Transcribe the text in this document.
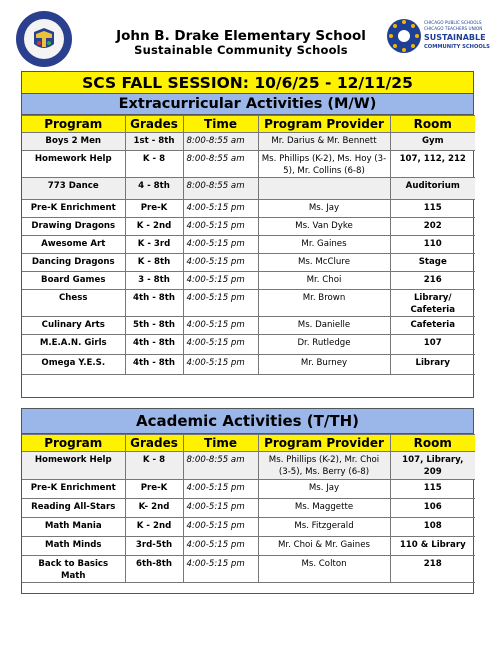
John B. Drake Elementary School
Sustainable Community Schools
CHICAGO PUBLIC SCHOOLS
CHICAGO TEACHERS UNION
SUSTAINABLE
COMMUNITY SCHOOLS
SCS FALL SESSION: 10/6/25 - 12/11/25
Extracurricular Activities (M/W)
Program	Grades	Time	Program Provider	Room
Boys 2 Men	1st - 8th	8:00-8:55 am	Mr. Darius & Mr. Bennett	Gym
Homework Help	K - 8	8:00-8:55 am	Ms. Phillips (K-2), Ms. Hoy (3-5), Mr. Collins (6-8)	107, 112, 212
773 Dance	4 - 8th	8:00-8:55 am		Auditorium
Pre-K Enrichment	Pre-K	4:00-5:15 pm	Ms. Jay	115
Drawing Dragons	K - 2nd	4:00-5:15 pm	Ms. Van Dyke	202
Awesome Art	K - 3rd	4:00-5:15 pm	Mr. Gaines	110
Dancing Dragons	K - 8th	4:00-5:15 pm	Ms. McClure	Stage
Board Games	3 - 8th	4:00-5:15 pm	Mr. Choi	216
Chess	4th - 8th	4:00-5:15 pm	Mr. Brown	Library/ Cafeteria
Culinary Arts	5th - 8th	4:00-5:15 pm	Ms. Danielle	Cafeteria
M.E.A.N. Girls	4th - 8th	4:00-5:15 pm	Dr. Rutledge	107
Omega Y.E.S.	4th - 8th	4:00-5:15 pm	Mr. Burney	Library
Academic Activities (T/TH)
Program	Grades	Time	Program Provider	Room
Homework Help	K - 8	8:00-8:55 am	Ms. Phillips (K-2), Mr. Choi (3-5), Ms. Berry (6-8)	107, Library, 209
Pre-K Enrichment	Pre-K	4:00-5:15 pm	Ms. Jay	115
Reading All-Stars	K- 2nd	4:00-5:15 pm	Ms. Maggette	106
Math Mania	K - 2nd	4:00-5:15 pm	Ms. Fitzgerald	108
Math Minds	3rd-5th	4:00-5:15 pm	Mr. Choi & Mr. Gaines	110 & Library
Back to Basics Math	6th-8th	4:00-5:15 pm	Ms. Colton	218
